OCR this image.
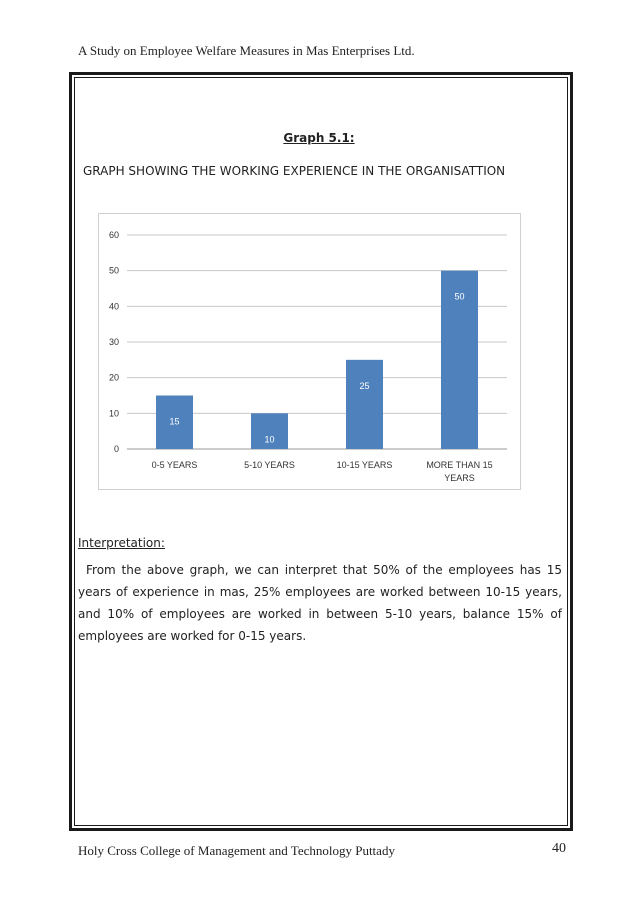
A Study on Employee Welfare Measures in Mas Enterprises Ltd.
Graph 5.1:
GRAPH SHOWING THE WORKING EXPERIENCE IN THE ORGANISATTION
0
10
20
30
40
50
60
15
0-5 YEARS
10
5-10 YEARS
25
10-15 YEARS
50
MORE THAN 15
YEARS
Interpretation:

From the above graph, we can interpret that 50% of the employees has 15 years of experience in mas, 25% employees are worked between 10-15 years, and 10% of employees are worked in between 5-10 years, balance 15% of employees are worked for 0-15 years.

Holy Cross College of Management and Technology Puttady	40
